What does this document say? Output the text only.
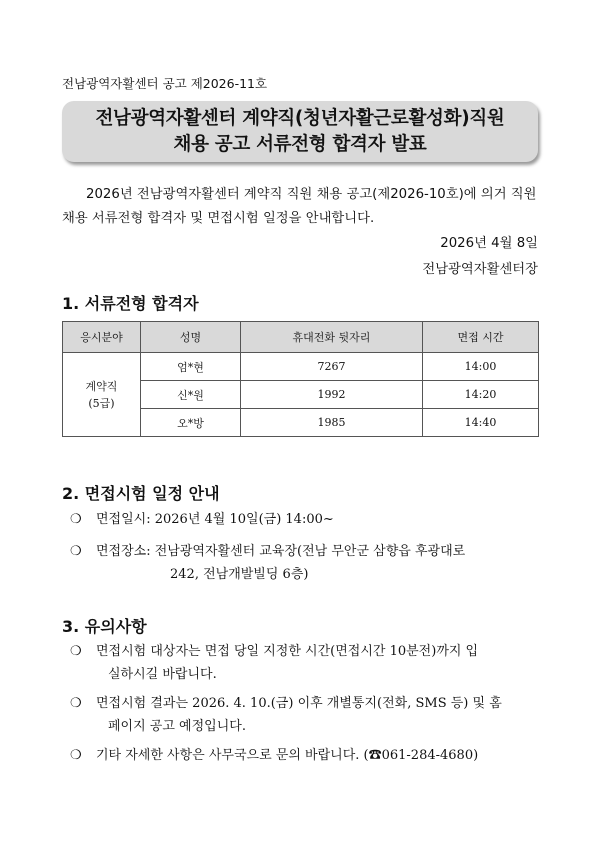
전남광역자활센터 공고 제2026-11호
전남광역자활센터 계약직(청년자활근로활성화)직원
채용 공고 서류전형 합격자 발표
2026년 전남광역자활센터 계약직 직원 채용 공고(제2026-10호)에 의거 직원
채용 서류전형 합격자 및 면접시험 일정을 안내합니다.
2026년 4월 8일
전남광역자활센터장
1. 서류전형 합격자
응시분야	성명	휴대전화 뒷자리	면접 시간
계약직
(5급)	엄*현	7267	14:00
	신*원	1992	14:20
	오*방	1985	14:40
2. 면접시험 일정 안내
❍ 면접일시: 2026년 4월 10일(금) 14:00~
❍ 면접장소: 전남광역자활센터 교육장(전남 무안군 삼향읍 후광대로
242, 전남개발빌딩 6층)
3. 유의사항
❍ 면접시험 대상자는 면접 당일 지정한 시간(면접시간 10분전)까지 입
실하시길 바랍니다.
❍ 면접시험 결과는 2026. 4. 10.(금) 이후 개별통지(전화, SMS 등) 및 홈
페이지 공고 예정입니다.
❍ 기타 자세한 사항은 사무국으로 문의 바랍니다. (☎061-284-4680)
